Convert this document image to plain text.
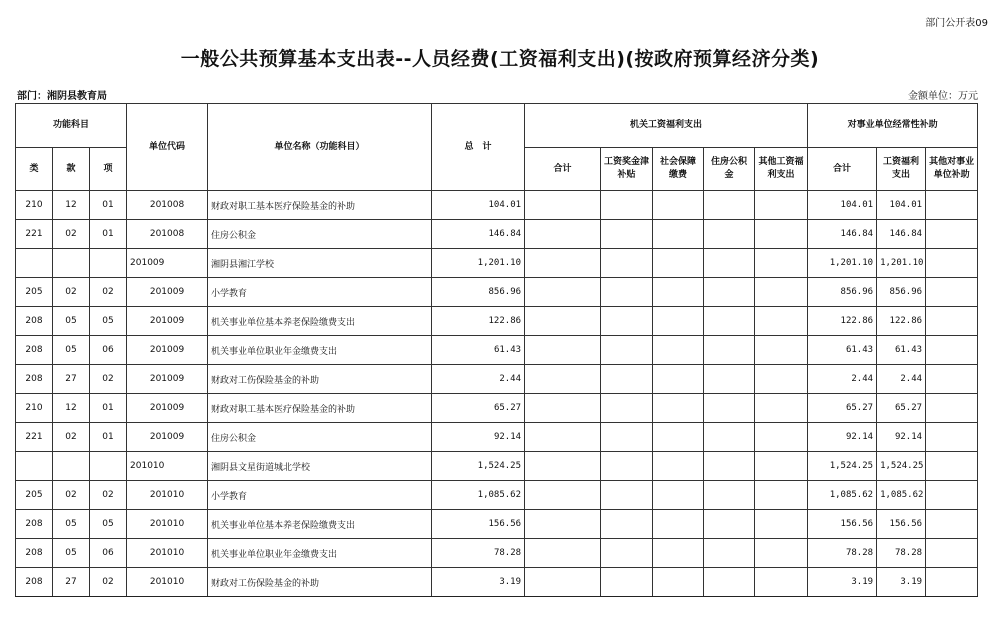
部门公开表09
一般公共预算基本支出表--人员经费(工资福利支出)(按政府预算经济分类)
部门：湘阴县教育局	金额单位：万元
功能科目			单位代码	单位名称（功能科目）	总　计	机关工资福利支出					对事业单位经常性补助		
类	款	项				合计	工资奖金津补贴	社会保障缴费	住房公积金	其他工资福利支出	合计	工资福利支出	其他对事业单位补助
210	12	01	201008	财政对职工基本医疗保险基金的补助	104.01						104.01	104.01	
221	02	01	201008	住房公积金	146.84						146.84	146.84	
			201009	湘阴县湘江学校	1,201.10						1,201.10	1,201.10	
205	02	02	201009	小学教育	856.96						856.96	856.96	
208	05	05	201009	机关事业单位基本养老保险缴费支出	122.86						122.86	122.86	
208	05	06	201009	机关事业单位职业年金缴费支出	61.43						61.43	61.43	
208	27	02	201009	财政对工伤保险基金的补助	2.44						2.44	2.44	
210	12	01	201009	财政对职工基本医疗保险基金的补助	65.27						65.27	65.27	
221	02	01	201009	住房公积金	92.14						92.14	92.14	
			201010	湘阴县文星街道城北学校	1,524.25						1,524.25	1,524.25	
205	02	02	201010	小学教育	1,085.62						1,085.62	1,085.62	
208	05	05	201010	机关事业单位基本养老保险缴费支出	156.56						156.56	156.56	
208	05	06	201010	机关事业单位职业年金缴费支出	78.28						78.28	78.28	
208	27	02	201010	财政对工伤保险基金的补助	3.19						3.19	3.19	
